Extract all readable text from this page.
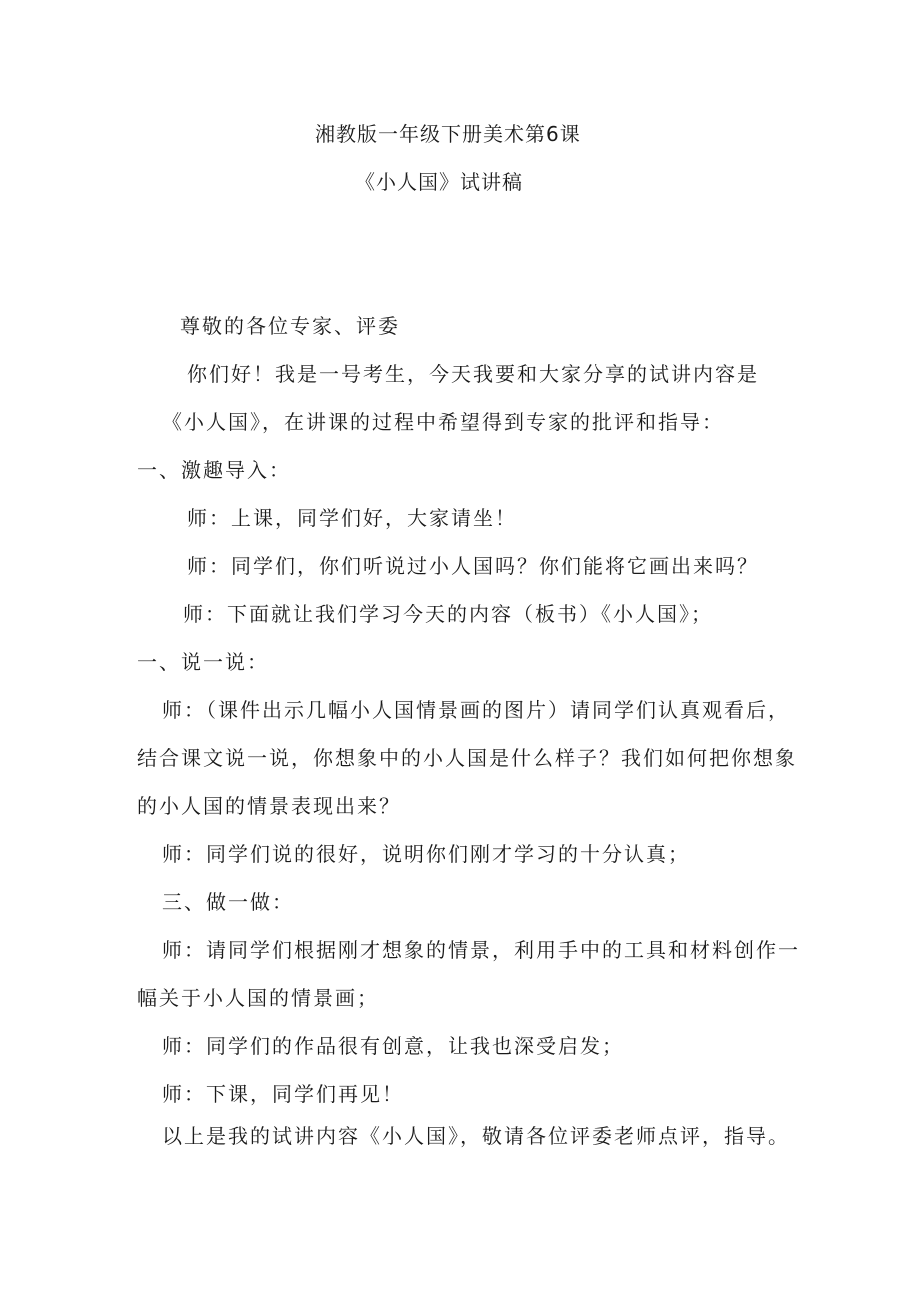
湘教版一年级下册美术第6课
《小人国》试讲稿
尊敬的各位专家、评委
你们好！我是一号考生，今天我要和大家分享的试讲内容是
《小人国》，在讲课的过程中希望得到专家的批评和指导：
一、激趣导入：
师：上课，同学们好，大家请坐！
师：同学们，你们听说过小人国吗？你们能将它画出来吗？
师：下面就让我们学习今天的内容（板书）《小人国》；
一、说一说：
师：（课件出示几幅小人国情景画的图片）请同学们认真观看后，
结合课文说一说，你想象中的小人国是什么样子？我们如何把你想象
的小人国的情景表现出来？
师：同学们说的很好，说明你们刚才学习的十分认真；
三、做一做：
师：请同学们根据刚才想象的情景，利用手中的工具和材料创作一
幅关于小人国的情景画；
师：同学们的作品很有创意，让我也深受启发；
师：下课，同学们再见！
以上是我的试讲内容《小人国》，敬请各位评委老师点评，指导。
